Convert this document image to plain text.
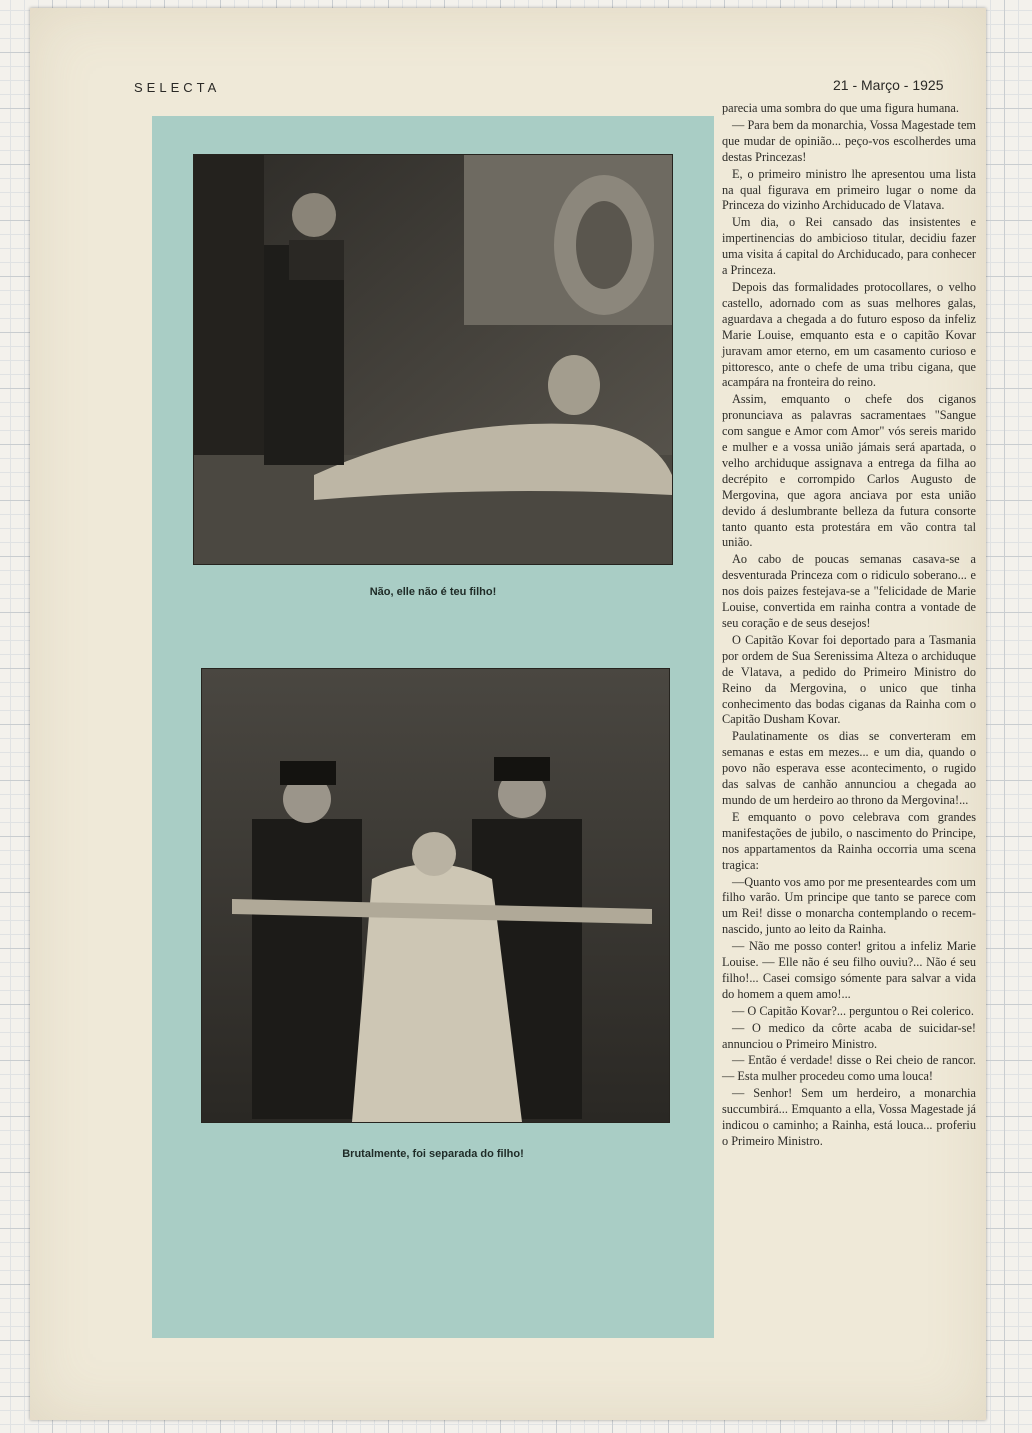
SELECTA	21 - Março - 1925
Não, elle não é teu filho!
Brutalmente, foi separada do filho!

parecia uma sombra do que uma figura humana.

— Para bem da monarchia, Vossa Magestade tem que mudar de opinião... peço-vos escolherdes uma destas Princezas!

E, o primeiro ministro lhe apresentou uma lista na qual figurava em primeiro lugar o nome da Princeza do vizinho Archiducado de Vlatava.

Um dia, o Rei cansado das insistentes e impertinencias do ambicioso titular, decidiu fazer uma visita á capital do Archiducado, para conhecer a Princeza.

Depois das formalidades protocollares, o velho castello, adornado com as suas melhores galas, aguardava a chegada a do futuro esposo da infeliz Marie Louise, emquanto esta e o capitão Kovar juravam amor eterno, em um casamento curioso e pittoresco, ante o chefe de uma tribu cigana, que acampára na fronteira do reino.

Assim, emquanto o chefe dos ciganos pronunciava as palavras sacramentaes "Sangue com sangue e Amor com Amor" vós sereis marido e mulher e a vossa união jámais será apartada, o velho archiduque assignava a entrega da filha ao decrépito e corrompido Carlos Augusto de Mergovina, que agora anciava por esta união devido á deslumbrante belleza da futura consorte tanto quanto esta protestára em vão contra tal união.

Ao cabo de poucas semanas casava-se a desventurada Princeza com o ridiculo soberano... e nos dois paizes festejava-se a "felicidade de Marie Louise, convertida em rainha contra a vontade de seu coração e de seus desejos!

O Capitão Kovar foi deportado para a Tasmania por ordem de Sua Serenissima Alteza o archiduque de Vlatava, a pedido do Primeiro Ministro do Reino da Mergovina, o unico que tinha conhecimento das bodas ciganas da Rainha com o Capitão Dusham Kovar.

Paulatinamente os dias se converteram em semanas e estas em mezes... e um dia, quando o povo não esperava esse acontecimento, o rugido das salvas de canhão annunciou a chegada ao mundo de um herdeiro ao throno da Mergovina!...

E emquanto o povo celebrava com grandes manifestações de jubilo, o nascimento do Principe, nos appartamentos da Rainha occorria uma scena tragica:

—Quanto vos amo por me presenteardes com um filho varão. Um principe que tanto se parece com um Rei! disse o monarcha contemplando o recem-nascido, junto ao leito da Rainha.

— Não me posso conter! gritou a infeliz Marie Louise. — Elle não é seu filho ouviu?... Não é seu filho!... Casei comsigo sómente para salvar a vida do homem a quem amo!...

— O Capitão Kovar?... perguntou o Rei colerico.

— O medico da côrte acaba de suicidar-se! annunciou o Primeiro Ministro.

— Então é verdade! disse o Rei cheio de rancor. — Esta mulher procedeu como uma louca!

— Senhor! Sem um herdeiro, a monarchia succumbirá... Emquanto a ella, Vossa Magestade já indicou o caminho; a Rainha, está louca... proferiu o Primeiro Ministro.
